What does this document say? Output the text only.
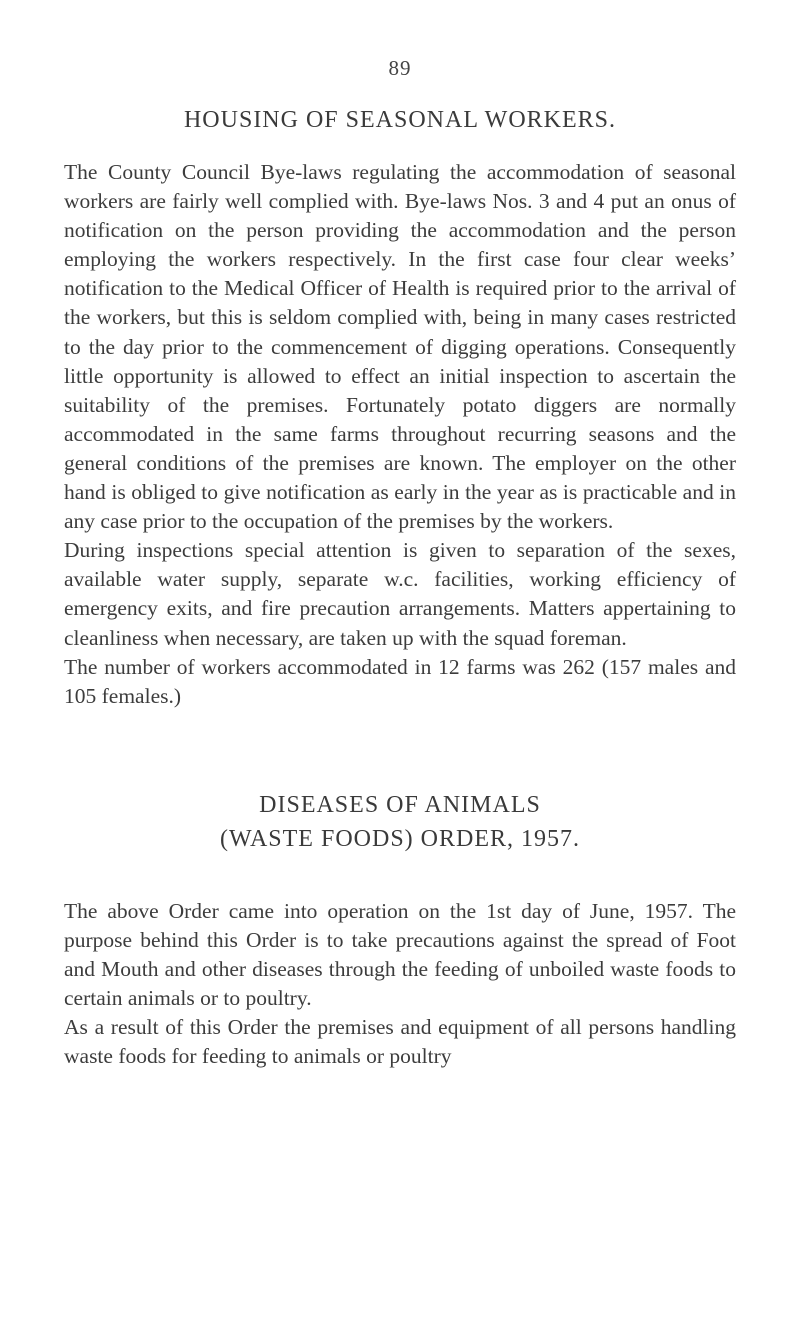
89
HOUSING OF SEASONAL WORKERS.

The County Council Bye-laws regulating the accommodation of seasonal workers are fairly well complied with. Bye-laws Nos. 3 and 4 put an onus of notification on the person providing the accommodation and the person employing the workers respectively. In the first case four clear weeks’ notification to the Medical Officer of Health is required prior to the arrival of the workers, but this is seldom complied with, being in many cases restricted to the day prior to the commencement of digging operations. Consequently little opportunity is allowed to effect an initial inspection to ascertain the suitability of the premises. Fortunately potato diggers are normally accommodated in the same farms throughout recurring seasons and the general conditions of the premises are known. The employer on the other hand is obliged to give notification as early in the year as is practicable and in any case prior to the occupation of the premises by the workers.

During inspections special attention is given to separation of the sexes, available water supply, separate w.c. facilities, working efficiency of emergency exits, and fire precaution arrangements. Matters appertaining to cleanliness when necessary, are taken up with the squad foreman.

The number of workers accommodated in 12 farms was 262 (157 males and 105 females.)

DISEASES OF ANIMALS
(WASTE FOODS) ORDER, 1957.

The above Order came into operation on the 1st day of June, 1957. The purpose behind this Order is to take precautions against the spread of Foot and Mouth and other diseases through the feeding of unboiled waste foods to certain animals or to poultry.

As a result of this Order the premises and equipment of all persons handling waste foods for feeding to animals or poultry
